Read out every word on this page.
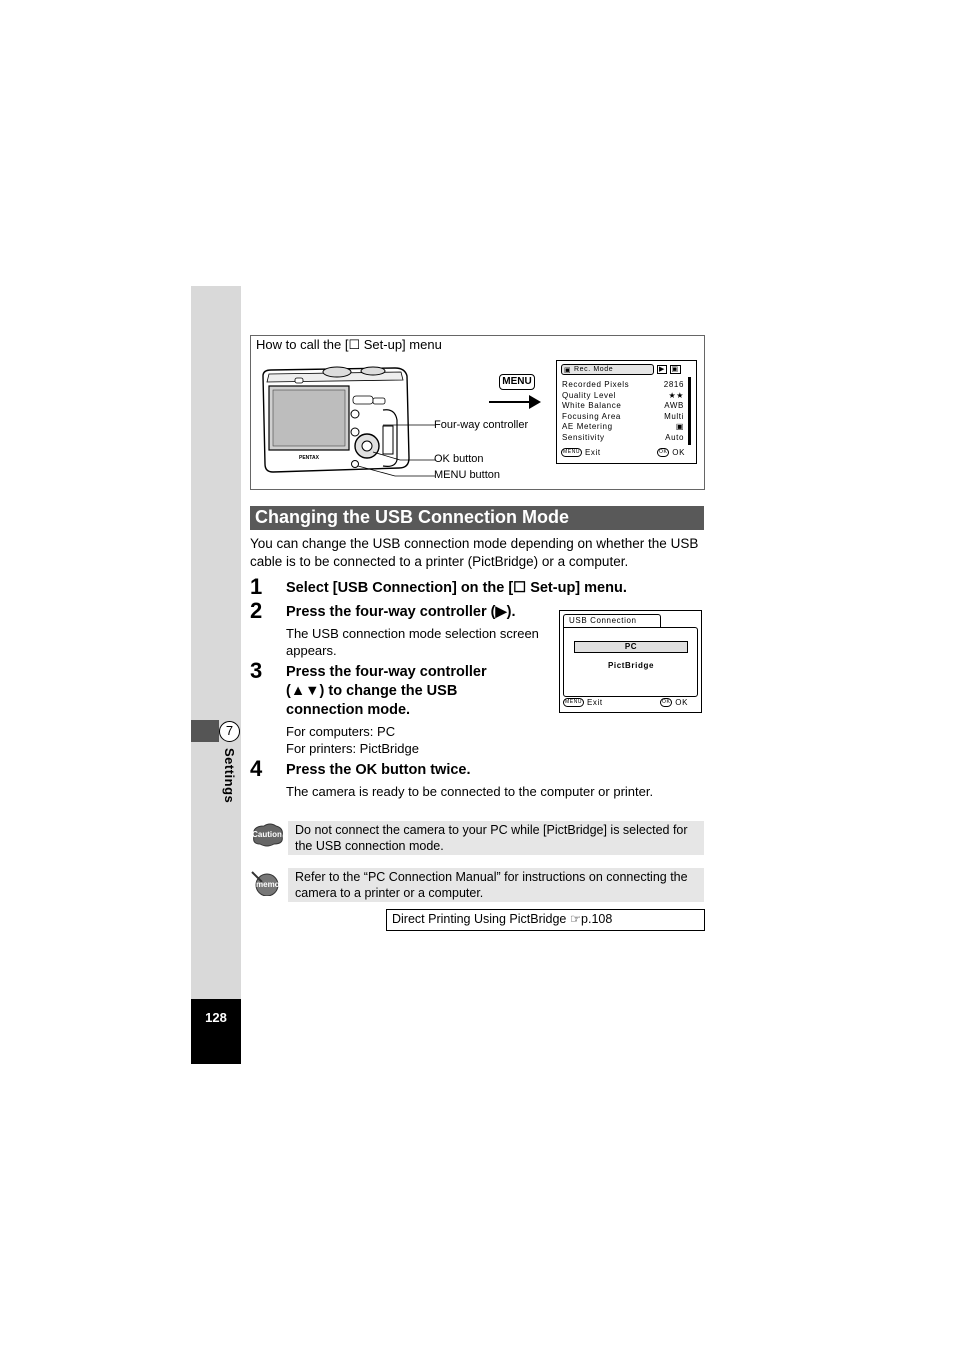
7
Settings
128
How to call the [☐ Set-up] menu
PENTAX
Four-way controller
OK button
MENU button
MENU
▣ Rec. Mode	▶ ▣
Recorded Pixels	2816
Quality Level	★★
White Balance	AWB
Focusing Area	Multi
AE Metering	▣
Sensitivity	Auto
MENU Exit	OK OK
Changing the USB Connection Mode
You can change the USB connection mode depending on whether the USB cable is to be connected to a printer (PictBridge) or a computer.
1 Select [USB Connection] on the [☐ Set-up] menu.
2 Press the four-way controller (▶).
The USB connection mode selection screen appears.
3 Press the four-way controller (▲▼) to change the USB connection mode.
For computers: PC
For printers: PictBridge
USB Connection
PC
PictBridge
MENU Exit	OK OK
4 Press the OK button twice.
The camera is ready to be connected to the computer or printer.
Caution	Do not connect the camera to your PC while [PictBridge] is selected for the USB connection mode.
memo
Refer to the “PC Connection Manual” for instructions on connecting the camera to a printer or a computer.
Direct Printing Using PictBridge ☞p.108
